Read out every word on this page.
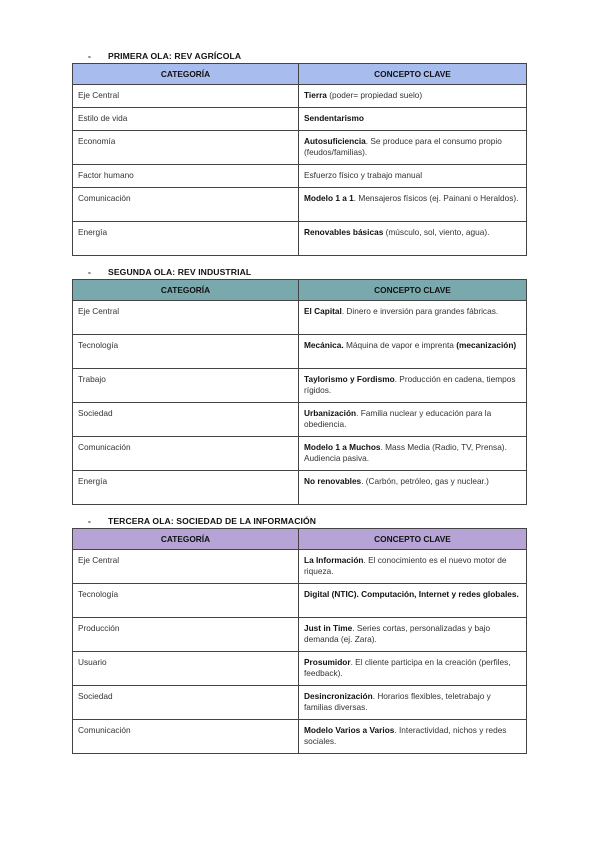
- PRIMERA OLA: REV AGRÍCOLA
CATEGORÍA	CONCEPTO CLAVE
Eje Central	Tierra (poder= propiedad suelo)
Estilo de vida	Sendentarismo
Economía	Autosuficiencia. Se produce para el consumo propio (feudos/familias).
Factor humano	Esfuerzo físico y trabajo manual
Comunicación	Modelo 1 a 1. Mensajeros físicos (ej. Painani o Heraldos).
Energía	Renovables básicas (músculo, sol, viento, agua).
- SEGUNDA OLA: REV INDUSTRIAL
CATEGORÍA	CONCEPTO CLAVE
Eje Central	El Capital. Dinero e inversión para grandes fábricas.
Tecnología	Mecánica. Máquina de vapor e imprenta (mecanización)
Trabajo	Taylorismo y Fordismo. Producción en cadena, tiempos rígidos.
Sociedad	Urbanización. Familia nuclear y educación para la obediencia.
Comunicación	Modelo 1 a Muchos. Mass Media (Radio, TV, Prensa). Audiencia pasiva.
Energía	No renovables. (Carbón, petróleo, gas y nuclear.)
- TERCERA OLA: SOCIEDAD DE LA INFORMACIÓN
CATEGORÍA	CONCEPTO CLAVE
Eje Central	La Información. El conocimiento es el nuevo motor de riqueza.
Tecnología	Digital (NTIC). Computación, Internet y redes globales.
Producción	Just in Time. Series cortas, personalizadas y bajo demanda (ej. Zara).
Usuario	Prosumidor. El cliente participa en la creación (perfiles, feedback).
Sociedad	Desincronización. Horarios flexibles, teletrabajo y familias diversas.
Comunicación	Modelo Varios a Varios. Interactividad, nichos y redes sociales.
